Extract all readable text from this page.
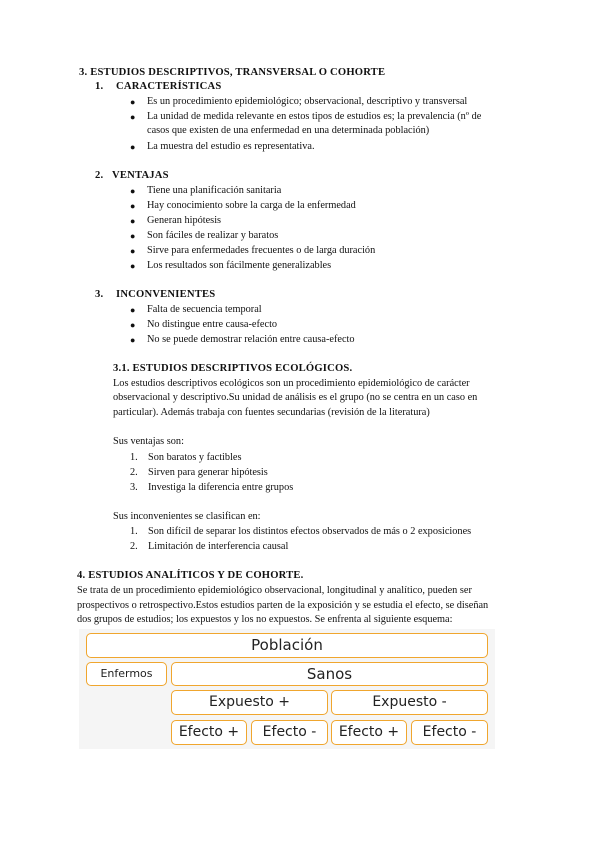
3. ESTUDIOS DESCRIPTIVOS, TRANSVERSAL O COHORTE
1. CARACTERÍSTICAS
● Es un procedimiento epidemiológico; observacional, descriptivo y transversal
● La unidad de medida relevante en estos tipos de estudios es; la prevalencia (nº de
casos que existen de una enfermedad en una determinada población)
● La muestra del estudio es representativa.
2. VENTAJAS
● Tiene una planificación sanitaria
● Hay conocimiento sobre la carga de la enfermedad
● Generan hipótesis
● Son fáciles de realizar y baratos
● Sirve para enfermedades frecuentes o de larga duración
● Los resultados son fácilmente generalizables
3. INCONVENIENTES
● Falta de secuencia temporal
● No distingue entre causa-efecto
● No se puede demostrar relación entre causa-efecto
3.1. ESTUDIOS DESCRIPTIVOS ECOLÓGICOS.
Los estudios descriptivos ecológicos son un procedimiento epidemiológico de carácter
observacional y descriptivo.Su unidad de análisis es el grupo (no se centra en un caso en
particular). Además trabaja con fuentes secundarias (revisión de la literatura)
Sus ventajas son:
1. Son baratos y factibles
2. Sirven para generar hipótesis
3. Investiga la diferencia entre grupos
Sus inconvenientes se clasifican en:
1. Son difícil de separar los distintos efectos observados de más o 2 exposiciones
2. Limitación de interferencia causal
4. ESTUDIOS ANALÍTICOS Y DE COHORTE.
Se trata de un procedimiento epidemiológico observacional, longitudinal y analítico, pueden ser
prospectivos o retrospectivo.Estos estudios parten de la exposición y se estudia el efecto, se diseñan
dos grupos de estudios; los expuestos y los no expuestos. Se enfrenta al siguiente esquema:
Población
Enfermos	Sanos
Expuesto +	Expuesto -
Efecto +	Efecto -	Efecto +	Efecto -
